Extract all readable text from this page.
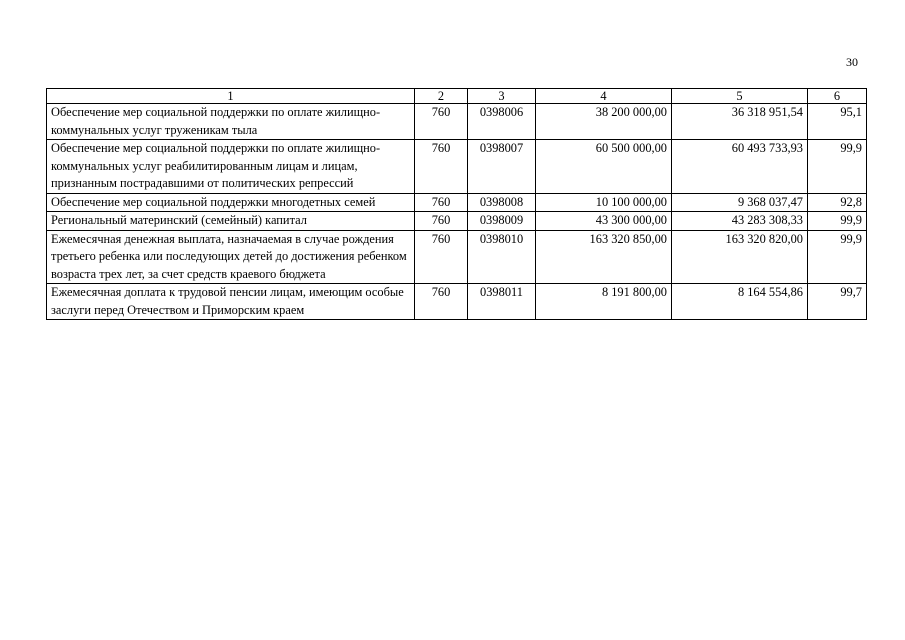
30
1	2	3	4	5	6
Обеспечение мер социальной поддержки по оплате жилищно-коммунальных услуг труженикам тыла	760	0398006	38 200 000,00	36 318 951,54	95,1
Обеспечение мер социальной поддержки по оплате жилищно-коммунальных услуг реабилитированным лицам и лицам, признанным пострадавшими от политических репрессий	760	0398007	60 500 000,00	60 493 733,93	99,9
Обеспечение мер социальной поддержки многодетных семей	760	0398008	10 100 000,00	9 368 037,47	92,8
Региональный материнский (семейный) капитал	760	0398009	43 300 000,00	43 283 308,33	99,9
Ежемесячная денежная выплата, назначаемая в случае рождения третьего ребенка или последующих детей до достижения ребенком возраста трех лет, за счет средств краевого бюджета	760	0398010	163 320 850,00	163 320 820,00	99,9
Ежемесячная доплата к трудовой пенсии лицам, имеющим особые заслуги перед Отечеством и Приморским краем	760	0398011	8 191 800,00	8 164 554,86	99,7
